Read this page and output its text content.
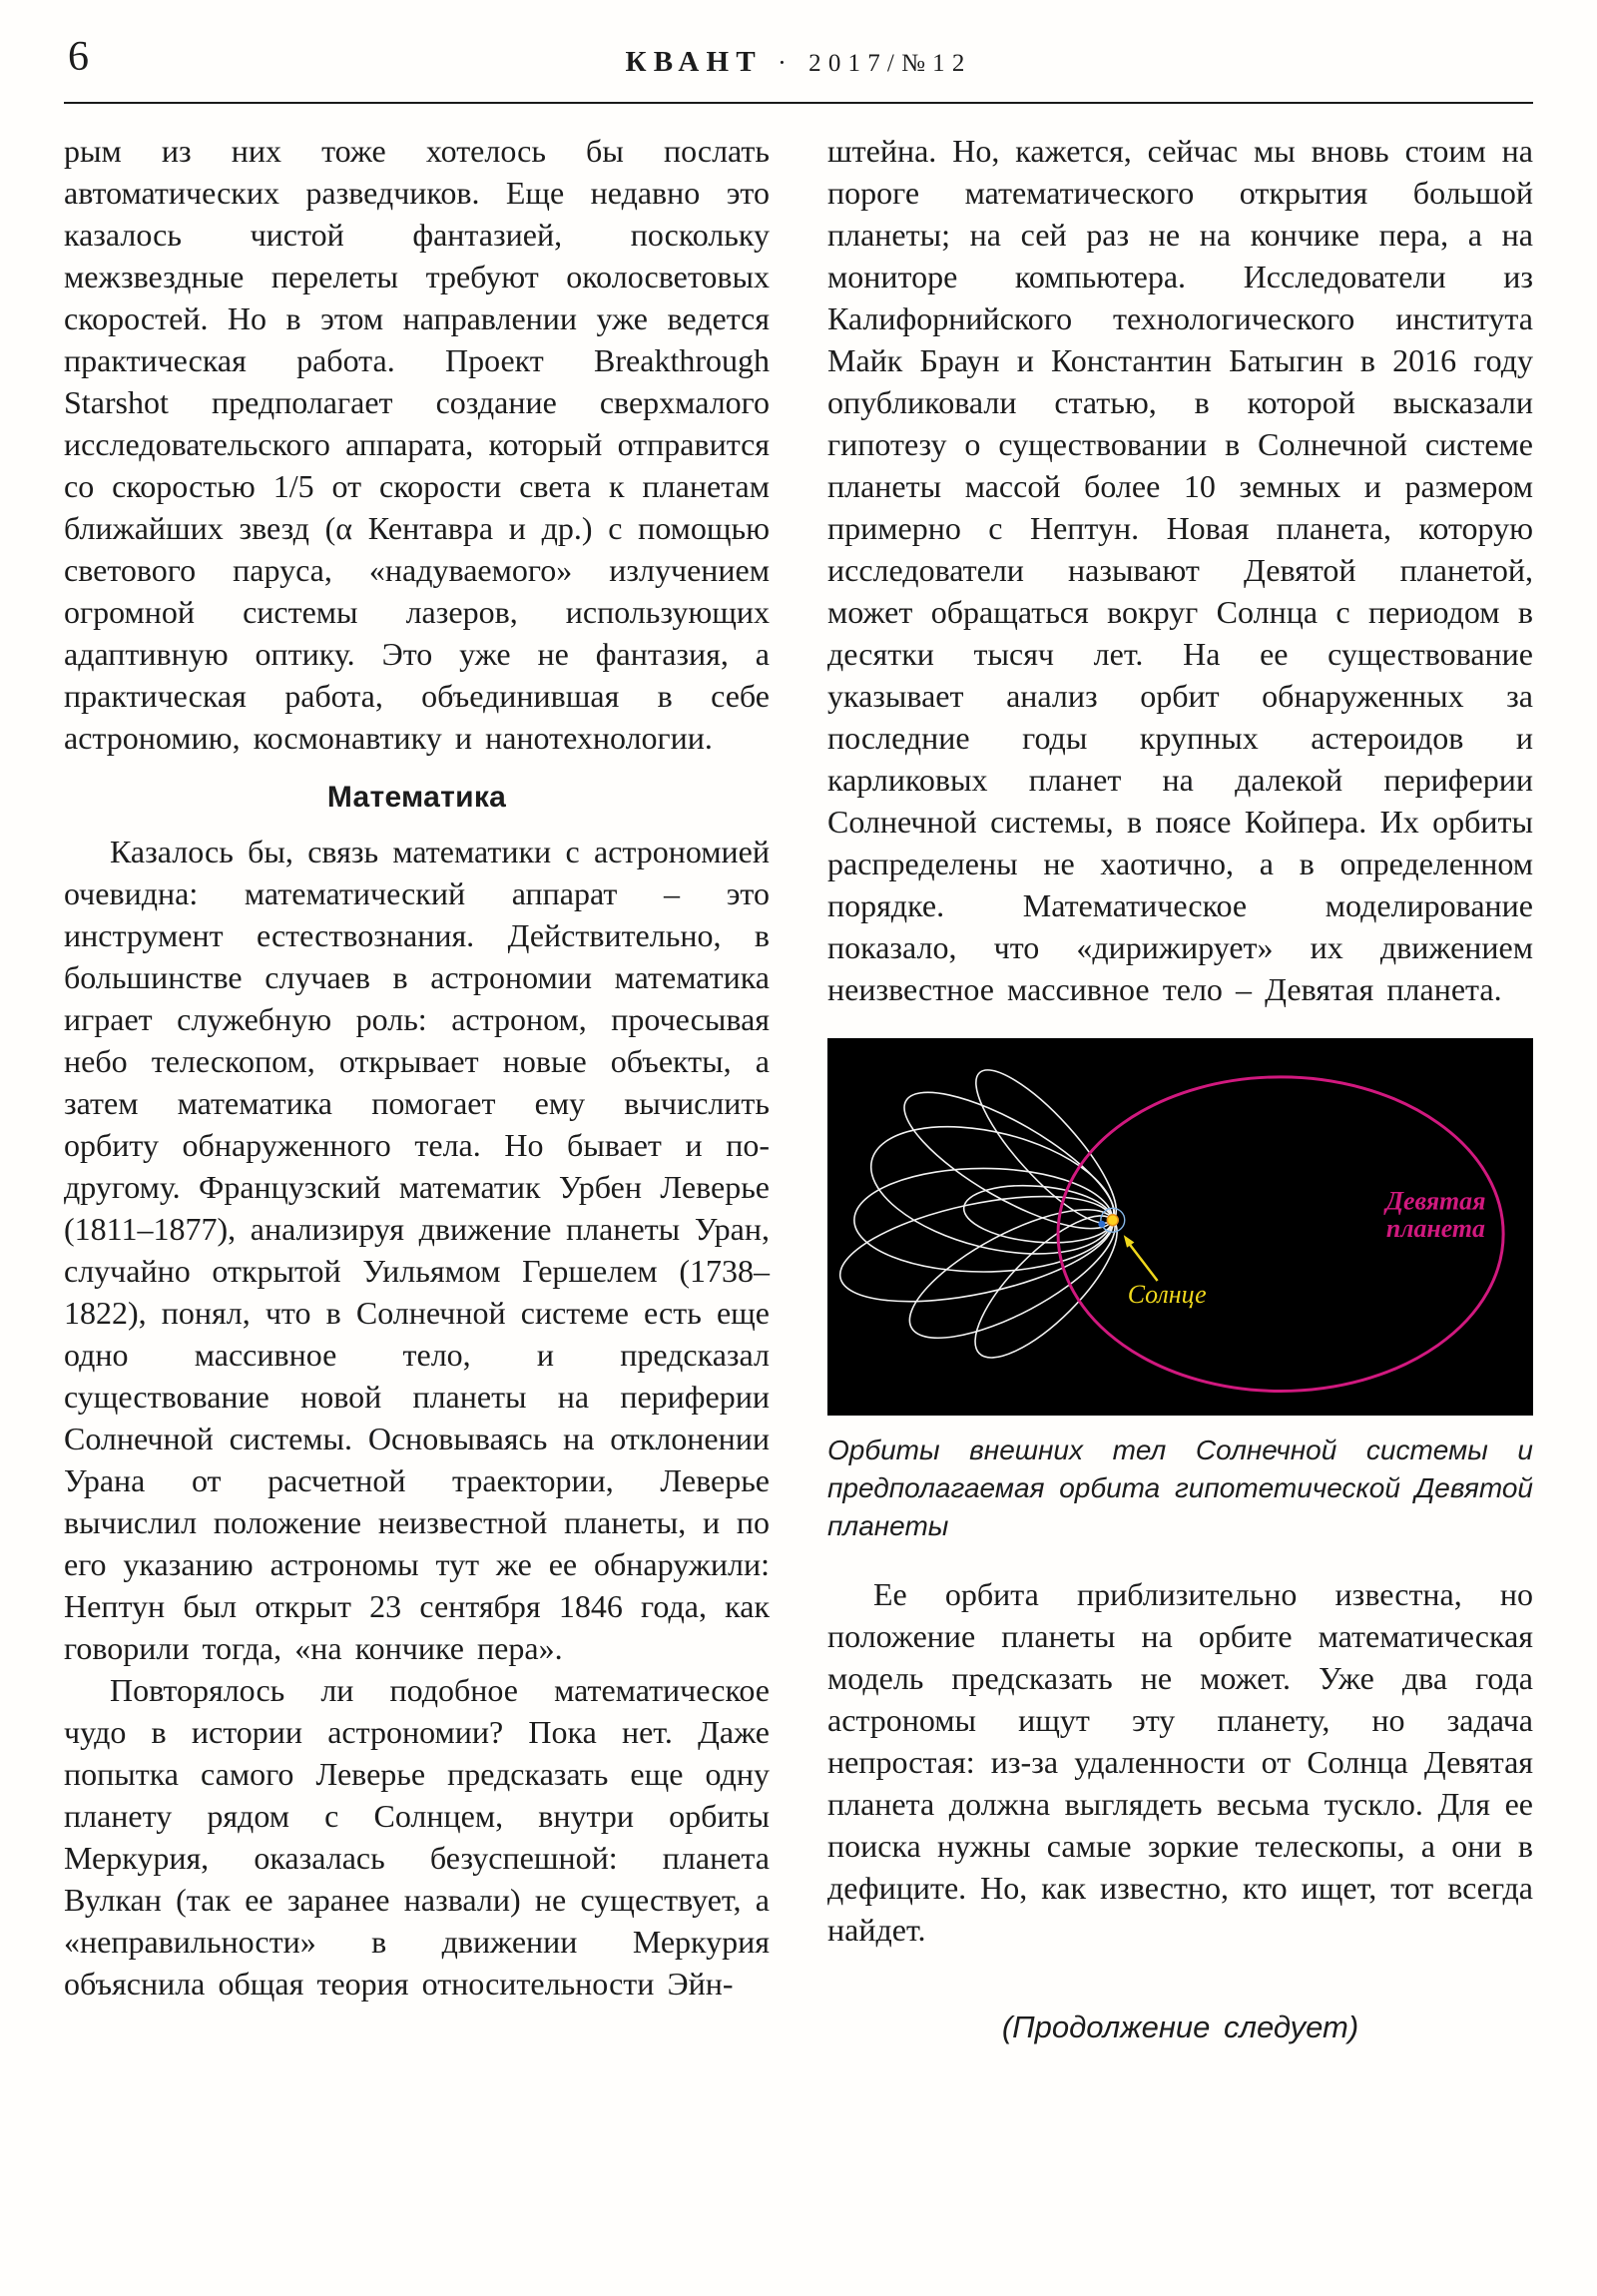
6	КВАНТ · 2017/№12

рым из них тоже хотелось бы послать автоматических разведчиков. Еще недавно это казалось чистой фантазией, поскольку межзвездные перелеты требуют околосветовых скоростей. Но в этом направлении уже ведется практическая работа. Проект Breakthrough Starshot предполагает создание сверхмалого исследовательского аппарата, который отправится со скоростью 1/5 от скорости света к планетам ближайших звезд (α Кентавра и др.) с помощью светового паруса, «надуваемого» излучением огромной системы лазеров, использующих адаптивную оптику. Это уже не фантазия, а практическая работа, объединившая в себе астрономию, космонавтику и нанотехнологии.

Математика

Казалось бы, связь математики с астрономией очевидна: математический аппарат – это инструмент естествознания. Действительно, в большинстве случаев в астрономии математика играет служебную роль: астроном, прочесывая небо телескопом, открывает новые объекты, а затем математика помогает ему вычислить орбиту обнаруженного тела. Но бывает и по-другому. Французский математик Урбен Леверье (1811–1877), анализируя движение планеты Уран, случайно открытой Уильямом Гершелем (1738–1822), понял, что в Солнечной системе есть еще одно массивное тело, и предсказал существование новой планеты на периферии Солнечной системы. Основываясь на отклонении Урана от расчетной траектории, Леверье вычислил положение неизвестной планеты, и по его указанию астрономы тут же ее обнаружили: Нептун был открыт 23 сентября 1846 года, как говорили тогда, «на кончике пера».

Повторялось ли подобное математическое чудо в истории астрономии? Пока нет. Даже попытка самого Леверье предсказать еще одну планету рядом с Солнцем, внутри орбиты Меркурия, оказалась безуспешной: планета Вулкан (так ее заранее назвали) не существует, а «неправильности» в движении Меркурия объяснила общая теория относительности Эйн-

штейна. Но, кажется, сейчас мы вновь стоим на пороге математического открытия большой планеты; на сей раз не на кончике пера, а на мониторе компьютера. Исследователи из Калифорнийского технологического института Майк Браун и Константин Батыгин в 2016 году опубликовали статью, в которой высказали гипотезу о существовании в Солнечной системе планеты массой более 10 земных и размером примерно с Нептун. Новая планета, которую исследователи называют Девятой планетой, может обращаться вокруг Солнца с периодом в десятки тысяч лет. На ее существование указывает анализ орбит обнаруженных за последние годы крупных астероидов и карликовых планет на далекой периферии Солнечной системы, в поясе Койпера. Их орбиты распределены не хаотично, а в определенном порядке. Математическое моделирование показало, что «дирижирует» их движением неизвестное массивное тело – Девятая планета.

Солнце
Девятая
планета
Орбиты внешних тел Солнечной системы и предполагаемая орбита гипотетической Девятой планеты

Ее орбита приблизительно известна, но положение планеты на орбите математическая модель предсказать не может. Уже два года астрономы ищут эту планету, но задача непростая: из-за удаленности от Солнца Девятая планета должна выглядеть весьма тускло. Для ее поиска нужны самые зоркие телескопы, а они в дефиците. Но, как известно, кто ищет, тот всегда найдет.

(Продолжение следует)
